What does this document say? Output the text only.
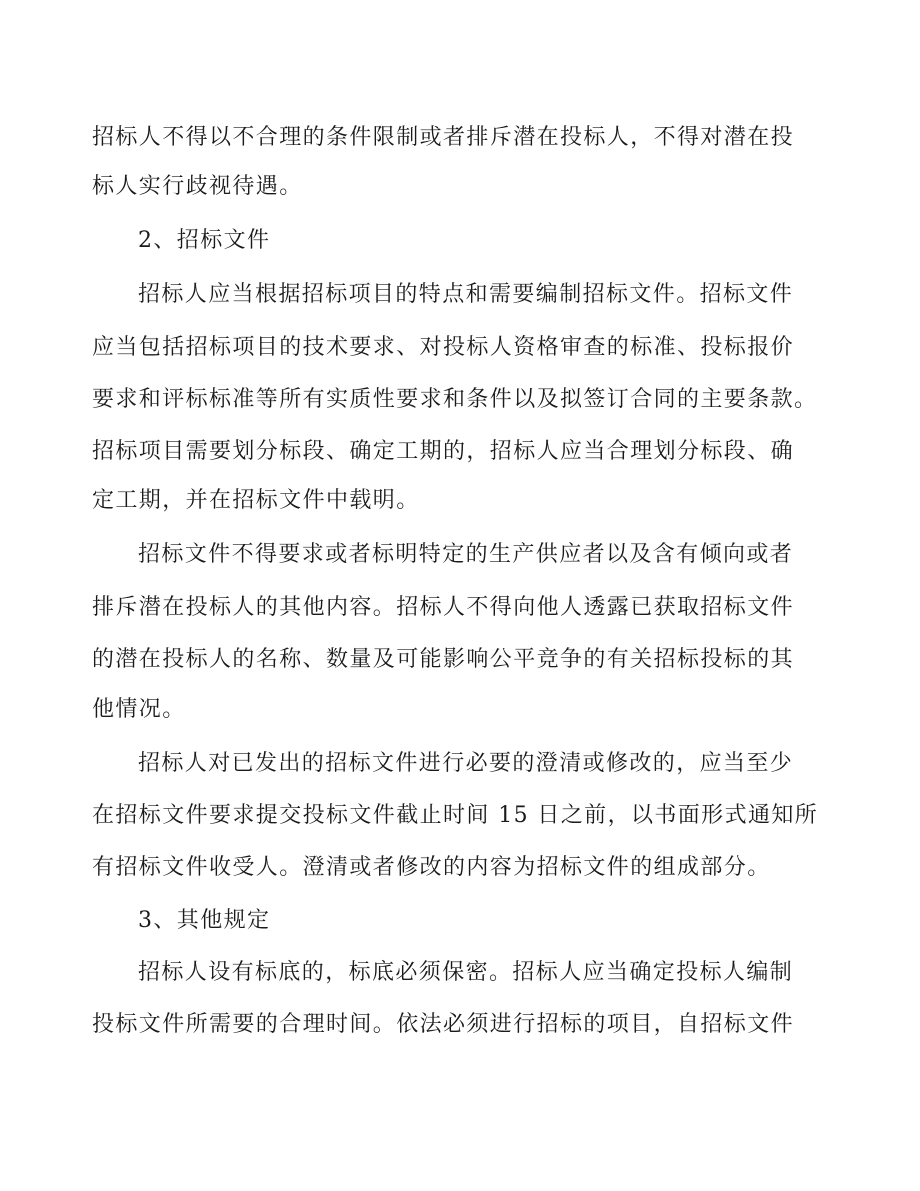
招标人不得以不合理的条件限制或者排斥潜在投标人，不得对潜在投
标人实行歧视待遇。
2、招标文件
招标人应当根据招标项目的特点和需要编制招标文件。招标文件
应当包括招标项目的技术要求、对投标人资格审查的标准、投标报价
要求和评标标准等所有实质性要求和条件以及拟签订合同的主要条款。
招标项目需要划分标段、确定工期的，招标人应当合理划分标段、确
定工期，并在招标文件中载明。
招标文件不得要求或者标明特定的生产供应者以及含有倾向或者
排斥潜在投标人的其他内容。招标人不得向他人透露已获取招标文件
的潜在投标人的名称、数量及可能影响公平竞争的有关招标投标的其
他情况。
招标人对已发出的招标文件进行必要的澄清或修改的，应当至少
在招标文件要求提交投标文件截止时间 15 日之前，以书面形式通知所
有招标文件收受人。澄清或者修改的内容为招标文件的组成部分。
3、其他规定
招标人设有标底的，标底必须保密。招标人应当确定投标人编制
投标文件所需要的合理时间。依法必须进行招标的项目，自招标文件
